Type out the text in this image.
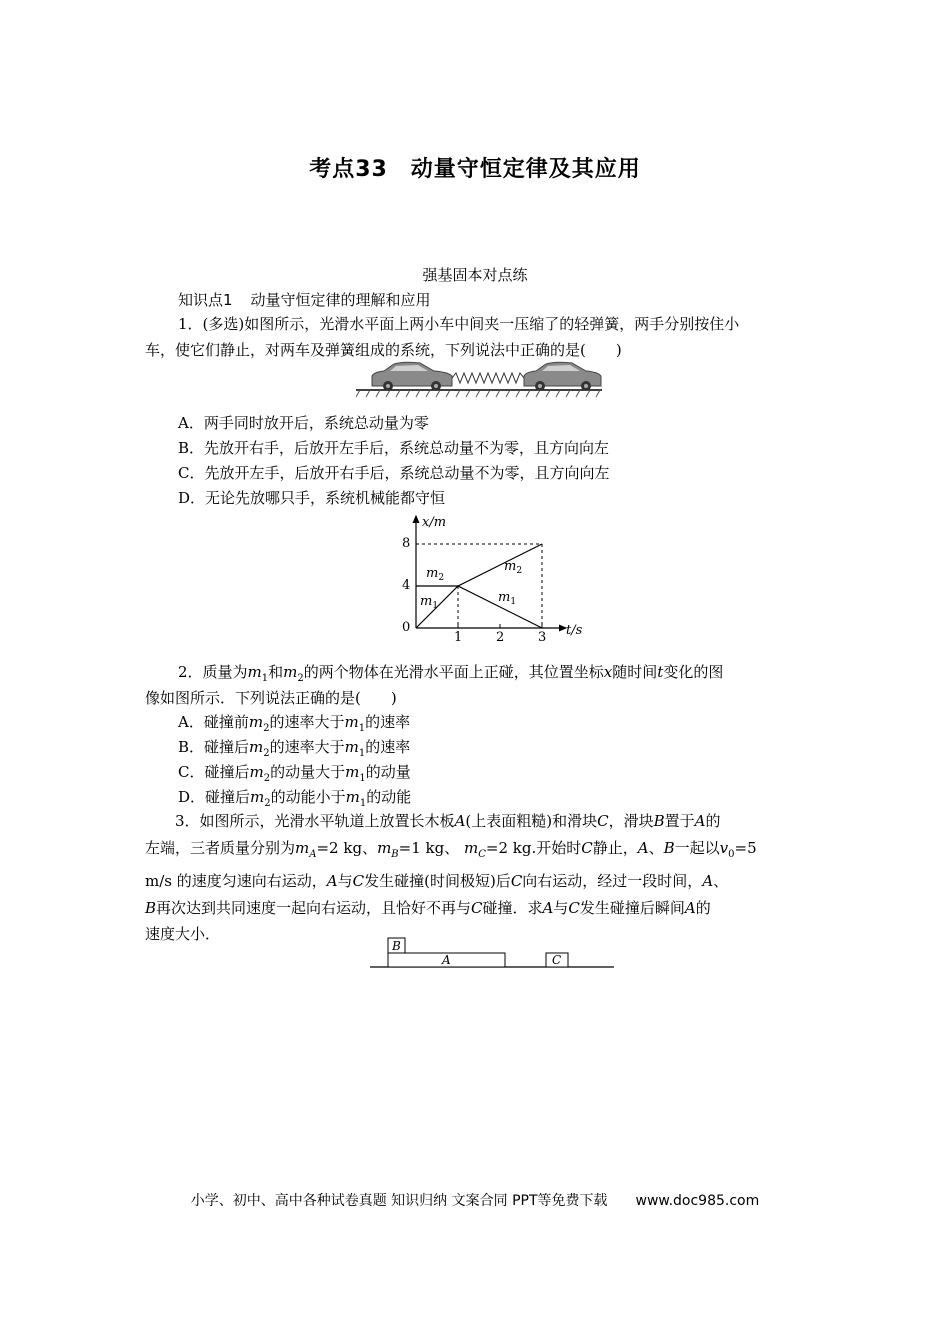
考点33　动量守恒定律及其应用
强基固本对点练
知识点1 动量守恒定律的理解和应用
1．(多选)如图所示，光滑水平面上两小车中间夹一压缩了的轻弹簧，两手分别按住小
车，使它们静止，对两车及弹簧组成的系统，下列说法中正确的是(　　)
A．两手同时放开后，系统总动量为零
B．先放开右手，后放开左手后，系统总动量不为零，且方向向左
C．先放开左手，后放开右手后，系统总动量不为零，且方向向左
D．无论先放哪只手，系统机械能都守恒
x/m
t/s
8
4
0
1	2	3
$m_2$
$m_1$
$m_2$
$m_1$
2．质量为$m_1$和$m_2$的两个物体在光滑水平面上正碰，其位置坐标x随时间t变化的图
像如图所示．下列说法正确的是(　　)
A．碰撞前$m_2$的速率大于$m_1$的速率
B．碰撞后$m_2$的速率大于$m_1$的速率
C．碰撞后$m_2$的动量大于$m_1$的动量
D．碰撞后$m_2$的动能小于$m_1$的动能

　　3．如图所示，光滑水平轨道上放置长木板A(上表面粗糙)和滑块C，滑块B置于A的

左端，三者质量分别为$m_A=2$ kg、$m_B=1$ kg、 $m_C=2$ kg.开始时C静止，A、B一起以$v_0=5$

m/s 的速度匀速向右运动，A与C发生碰撞(时间极短)后C向右运动，经过一段时间，A、

B再次达到共同速度一起向右运动，且恰好不再与C碰撞．求A与C发生碰撞后瞬间A的

速度大小．

B
A	C
小学、初中、高中各种试卷真题 知识归纳 文案合同 PPT等免费下载 www.doc985.com
